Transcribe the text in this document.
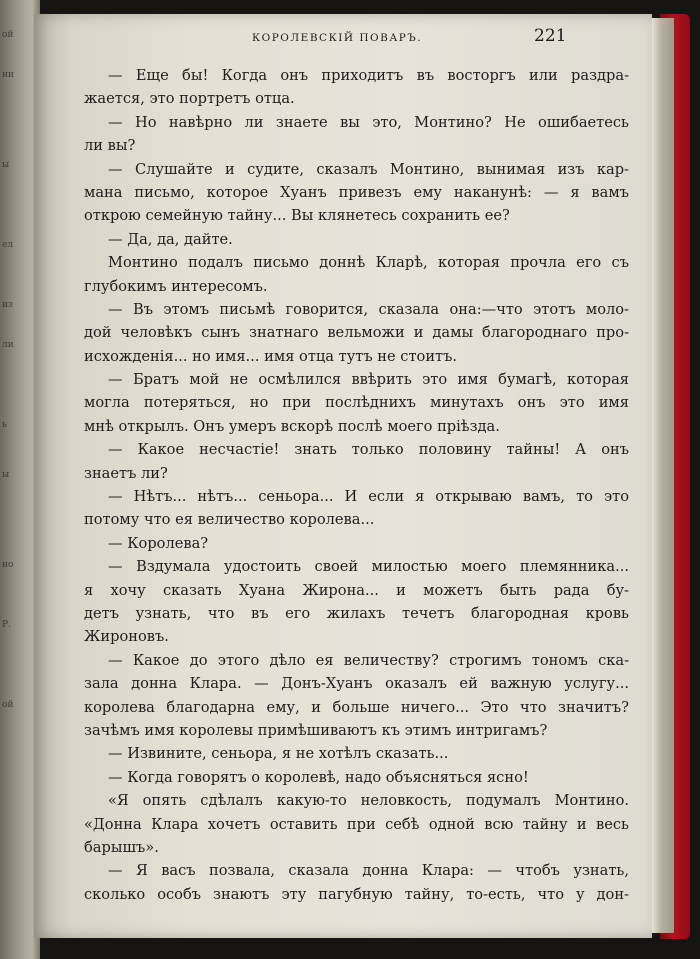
ой
ни
ы
ел
из
ли
ь
ы
но
Р.
ой
КОРОЛЕВСКІЙ ПОВАРЪ.	221
— Еще бы! Когда онъ приходитъ въ восторгъ или раздра-
жается, это портретъ отца.
— Но навѣрно ли знаете вы это, Монтино? Не ошибаетесь
ли вы?
— Слушайте и судите, сказалъ Монтино, вынимая изъ кар-
мана письмо, которое Хуанъ привезъ ему наканунѣ: — я вамъ
открою семейную тайну... Вы клянетесь сохранить ее?
— Да, да, дайте.
Монтино подалъ письмо доннѣ Кларѣ, которая прочла его съ
глубокимъ интересомъ.
— Въ этомъ письмѣ говорится, сказала она:—что этотъ моло-
дой человѣкъ сынъ знатнаго вельможи и дамы благороднаго про-
исхожденія... но имя... имя отца тутъ не стоитъ.
— Братъ мой не осмѣлился ввѣрить это имя бумагѣ, которая
могла потеряться, но при послѣднихъ минутахъ онъ это имя
мнѣ открылъ. Онъ умеръ вскорѣ послѣ моего пріѣзда.
— Какое несчастіе! знать только половину тайны! А онъ
знаетъ ли?
— Нѣтъ... нѣтъ... сеньора... И если я открываю вамъ, то это
потому что ея величество королева...
— Королева?
— Вздумала удостоить своей милостью моего племянника...
я хочу сказать Хуана Жирона... и можетъ быть рада бу-
детъ узнать, что въ его жилахъ течетъ благородная кровь
Жироновъ.
— Какое до этого дѣло ея величеству? строгимъ тономъ ска-
зала донна Клара. — Донъ-Хуанъ оказалъ ей важную услугу...
королева благодарна ему, и больше ничего... Это что значитъ?
зачѣмъ имя королевы примѣшиваютъ къ этимъ интригамъ?
— Извините, сеньора, я не хотѣлъ сказать...
— Когда говорятъ о королевѣ, надо объясняться ясно!
«Я опять сдѣлалъ какую-то неловкость, подумалъ Монтино.
«Донна Клара хочетъ оставить при себѣ одной всю тайну и весь
барышъ».
— Я васъ позвала, сказала донна Клара: — чтобъ узнать,
сколько особъ знаютъ эту пагубную тайну, то-есть, что у дон-
